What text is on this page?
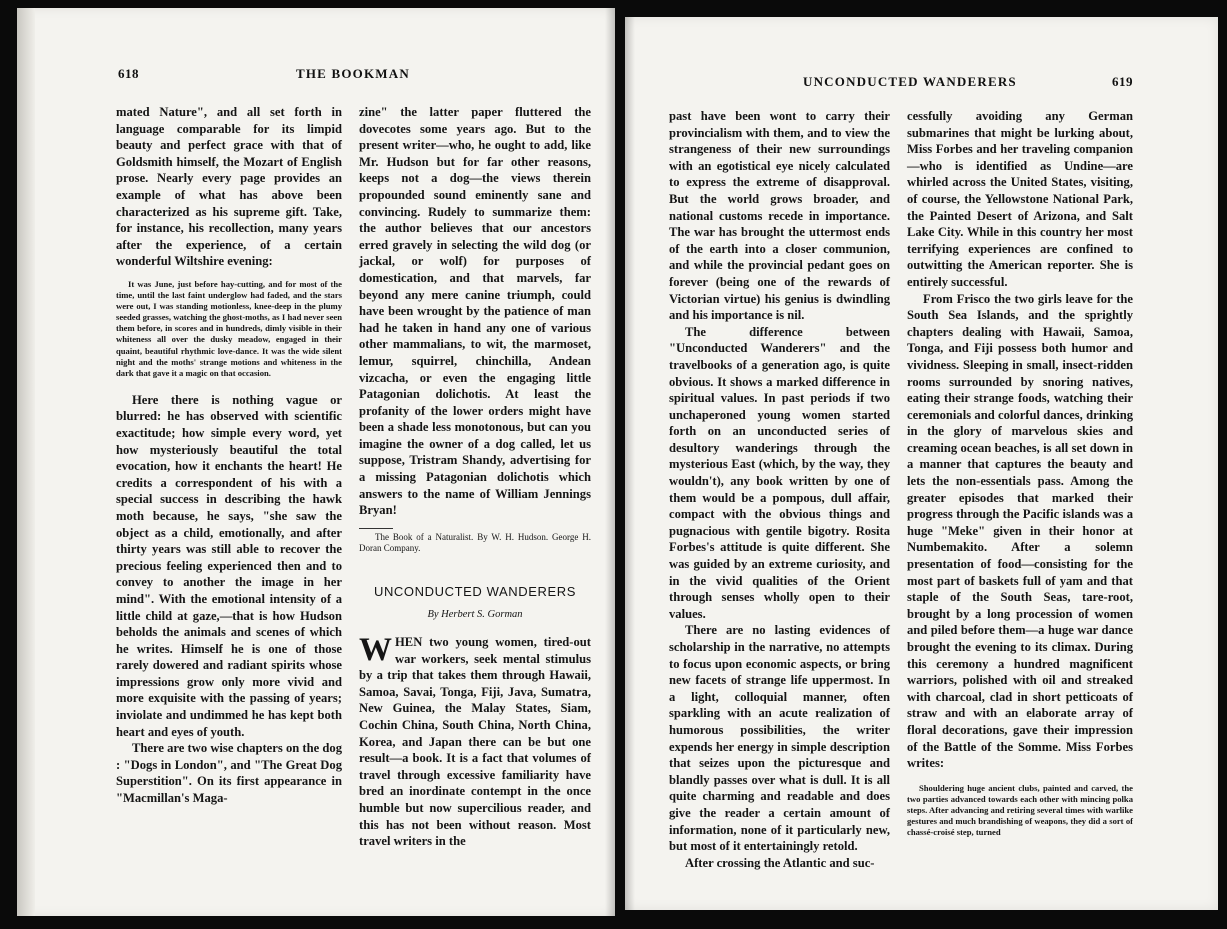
618	THE BOOKMAN

mated Nature", and all set forth in language comparable for its limpid beauty and perfect grace with that of Goldsmith himself, the Mozart of English prose. Nearly every page provides an example of what has above been characterized as his supreme gift. Take, for instance, his recollection, many years after the experience, of a certain wonderful Wiltshire evening:

It was June, just before hay-cutting, and for most of the time, until the last faint underglow had faded, and the stars were out, I was standing motionless, knee-deep in the plumy seeded grasses, watching the ghost-moths, as I had never seen them before, in scores and in hundreds, dimly visible in their whiteness all over the dusky meadow, engaged in their quaint, beautiful rhythmic love-dance. It was the wide silent night and the moths' strange motions and whiteness in the dark that gave it a magic on that occasion.

Here there is nothing vague or blurred: he has observed with scientific exactitude; how simple every word, yet how mysteriously beautiful the total evocation, how it enchants the heart! He credits a correspondent of his with a special success in describing the hawk moth because, he says, "she saw the object as a child, emotionally, and after thirty years was still able to recover the precious feeling experienced then and to convey to another the image in her mind". With the emotional intensity of a little child at gaze,—that is how Hudson beholds the animals and scenes of which he writes. Himself he is one of those rarely dowered and radiant spirits whose impressions grow only more vivid and more exquisite with the passing of years; inviolate and undimmed he has kept both heart and eyes of youth.

There are two wise chapters on the dog : "Dogs in London", and "The Great Dog Superstition". On its first appearance in "Macmillan's Maga-

zine" the latter paper fluttered the dovecotes some years ago. But to the present writer—who, he ought to add, like Mr. Hudson but for far other reasons, keeps not a dog—the views therein propounded sound eminently sane and convincing. Rudely to summarize them: the author believes that our ancestors erred gravely in selecting the wild dog (or jackal, or wolf) for purposes of domestication, and that marvels, far beyond any mere canine triumph, could have been wrought by the patience of man had he taken in hand any one of various other mammalians, to wit, the marmoset, lemur, squirrel, chinchilla, Andean vizcacha, or even the engaging little Patagonian dolichotis. At least the profanity of the lower orders might have been a shade less monotonous, but can you imagine the owner of a dog called, let us suppose, Tristram Shandy, advertising for a missing Patagonian dolichotis which answers to the name of William Jennings Bryan!

The Book of a Naturalist. By W. H. Hudson. George H. Doran Company.

UNCONDUCTED WANDERERS

By Herbert S. Gorman

WHEN two young women, tired-out war workers, seek mental stimulus by a trip that takes them through Hawaii, Samoa, Savai, Tonga, Fiji, Java, Sumatra, New Guinea, the Malay States, Siam, Cochin China, South China, North China, Korea, and Japan there can be but one result—a book. It is a fact that volumes of travel through excessive familiarity have bred an inordinate contempt in the once humble but now supercilious reader, and this has not been without reason. Most travel writers in the

UNCONDUCTED WANDERERS	619

past have been wont to carry their provincialism with them, and to view the strangeness of their new surroundings with an egotistical eye nicely calculated to express the extreme of disapproval. But the world grows broader, and national customs recede in importance. The war has brought the uttermost ends of the earth into a closer communion, and while the provincial pedant goes on forever (being one of the rewards of Victorian virtue) his genius is dwindling and his importance is nil.

The difference between "Unconducted Wanderers" and the travelbooks of a generation ago, is quite obvious. It shows a marked difference in spiritual values. In past periods if two unchaperoned young women started forth on an unconducted series of desultory wanderings through the mysterious East (which, by the way, they wouldn't), any book written by one of them would be a pompous, dull affair, compact with the obvious things and pugnacious with gentile bigotry. Rosita Forbes's attitude is quite different. She was guided by an extreme curiosity, and in the vivid qualities of the Orient through senses wholly open to their values.

There are no lasting evidences of scholarship in the narrative, no attempts to focus upon economic aspects, or bring new facets of strange life uppermost. In a light, colloquial manner, often sparkling with an acute realization of humorous possibilities, the writer expends her energy in simple description that seizes upon the picturesque and blandly passes over what is dull. It is all quite charming and readable and does give the reader a certain amount of information, none of it particularly new, but most of it entertainingly retold.

After crossing the Atlantic and suc-

cessfully avoiding any German submarines that might be lurking about, Miss Forbes and her traveling companion—who is identified as Undine—are whirled across the United States, visiting, of course, the Yellowstone National Park, the Painted Desert of Arizona, and Salt Lake City. While in this country her most terrifying experiences are confined to outwitting the American reporter. She is entirely successful.

From Frisco the two girls leave for the South Sea Islands, and the sprightly chapters dealing with Hawaii, Samoa, Tonga, and Fiji possess both humor and vividness. Sleeping in small, insect-ridden rooms surrounded by snoring natives, eating their strange foods, watching their ceremonials and colorful dances, drinking in the glory of marvelous skies and creaming ocean beaches, is all set down in a manner that captures the beauty and lets the non-essentials pass. Among the greater episodes that marked their progress through the Pacific islands was a huge "Meke" given in their honor at Numbemakito. After a solemn presentation of food—consisting for the most part of baskets full of yam and that staple of the South Seas, tare-root, brought by a long procession of women and piled before them—a huge war dance brought the evening to its climax. During this ceremony a hundred magnificent warriors, polished with oil and streaked with charcoal, clad in short petticoats of straw and with an elaborate array of floral decorations, gave their impression of the Battle of the Somme. Miss Forbes writes:

Shouldering huge ancient clubs, painted and carved, the two parties advanced towards each other with mincing polka steps. After advancing and retiring several times with warlike gestures and much brandishing of weapons, they did a sort of chassé-croisé step, turned
